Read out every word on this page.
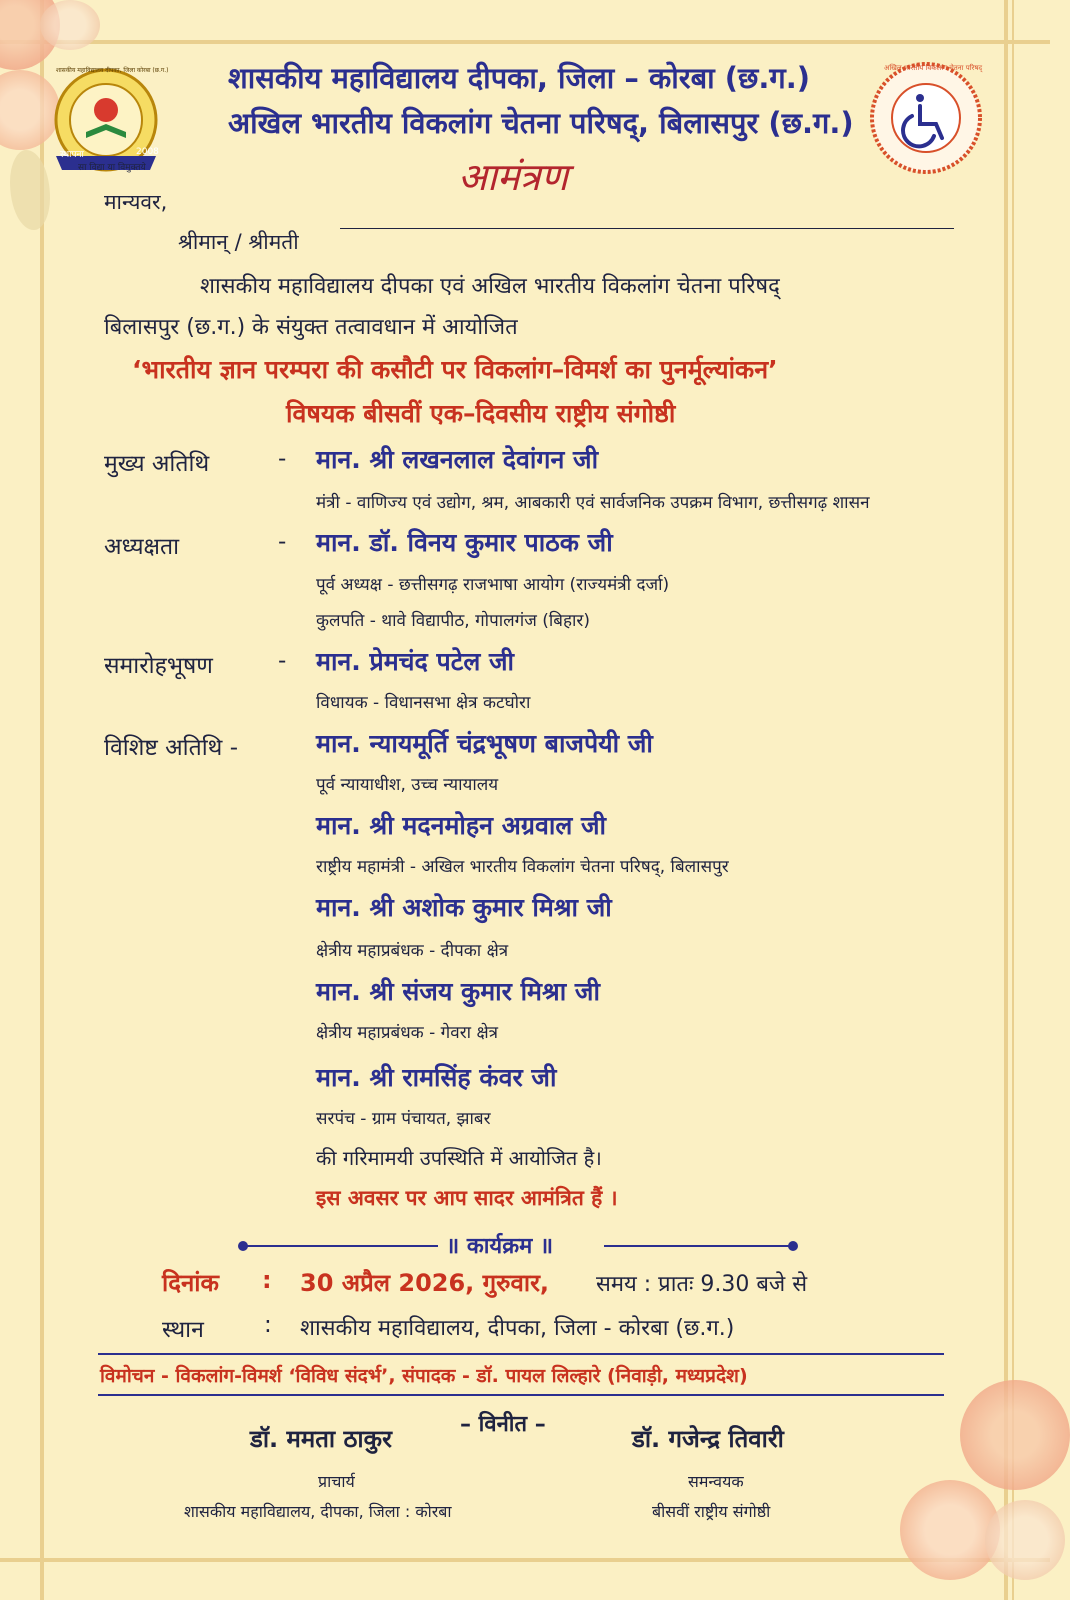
स्थापना	2008
सा विद्या या विमुक्तये
शासकीय महाविद्यालय दीपका, जिला कोरबा (छ.ग.) शासकीय महाविद्यालय दीपका, जिला – कोरबा (छ.ग.)
अखिल भारतीय विकलांग चेतना परिषद्, बिलासपुर (छ.ग.)
अखिल भारतीय विकलांग चेतना परिषद्
आमंत्रण
मान्यवर,
श्रीमान् / श्रीमती
शासकीय महाविद्यालय दीपका एवं अखिल भारतीय विकलांग चेतना परिषद्
बिलासपुर (छ.ग.) के संयुक्त तत्वावधान में आयोजित
‘भारतीय ज्ञान परम्परा की कसौटी पर विकलांग–विमर्श का पुनर्मूल्यांकन’
विषयक बीसवीं एक–दिवसीय राष्ट्रीय संगोष्ठी
मुख्य अतिथि	- मान. श्री लखनलाल देवांगन जी
मंत्री - वाणिज्य एवं उद्योग, श्रम, आबकारी एवं सार्वजनिक उपक्रम विभाग, छत्तीसगढ़ शासन
अध्यक्षता	- मान. डॉ. विनय कुमार पाठक जी
पूर्व अध्यक्ष - छत्तीसगढ़ राजभाषा आयोग (राज्यमंत्री दर्जा)
कुलपति - थावे विद्यापीठ, गोपालगंज (बिहार)
समारोहभूषण	- मान. प्रेमचंद पटेल जी
विधायक - विधानसभा क्षेत्र कटघोरा
विशिष्ट अतिथि -	मान. न्यायमूर्ति चंद्रभूषण बाजपेयी जी
पूर्व न्यायाधीश, उच्च न्यायालय
मान. श्री मदनमोहन अग्रवाल जी
राष्ट्रीय महामंत्री - अखिल भारतीय विकलांग चेतना परिषद्, बिलासपुर
मान. श्री अशोक कुमार मिश्रा जी
क्षेत्रीय महाप्रबंधक - दीपका क्षेत्र
मान. श्री संजय कुमार मिश्रा जी
क्षेत्रीय महाप्रबंधक - गेवरा क्षेत्र
मान. श्री रामसिंह कंवर जी
सरपंच - ग्राम पंचायत, झाबर
की गरिमामयी उपस्थिति में आयोजित है।
इस अवसर पर आप सादर आमंत्रित हैं ।
॥ कार्यक्रम ॥
दिनांक : 30 अप्रैल 2026, गुरुवार, समय : प्रातः 9.30 बजे से
स्थान	: शासकीय महाविद्यालय, दीपका, जिला - कोरबा (छ.ग.)
विमोचन - विकलांग-विमर्श ‘विविध संदर्भ’, संपादक - डॉ. पायल लिल्हारे (निवाड़ी, मध्यप्रदेश)
– विनीत –
डॉ. ममता ठाकुर
प्राचार्य
शासकीय महाविद्यालय, दीपका, जिला : कोरबा
डॉ. गजेन्द्र तिवारी
समन्वयक
बीसवीं राष्ट्रीय संगोष्ठी
